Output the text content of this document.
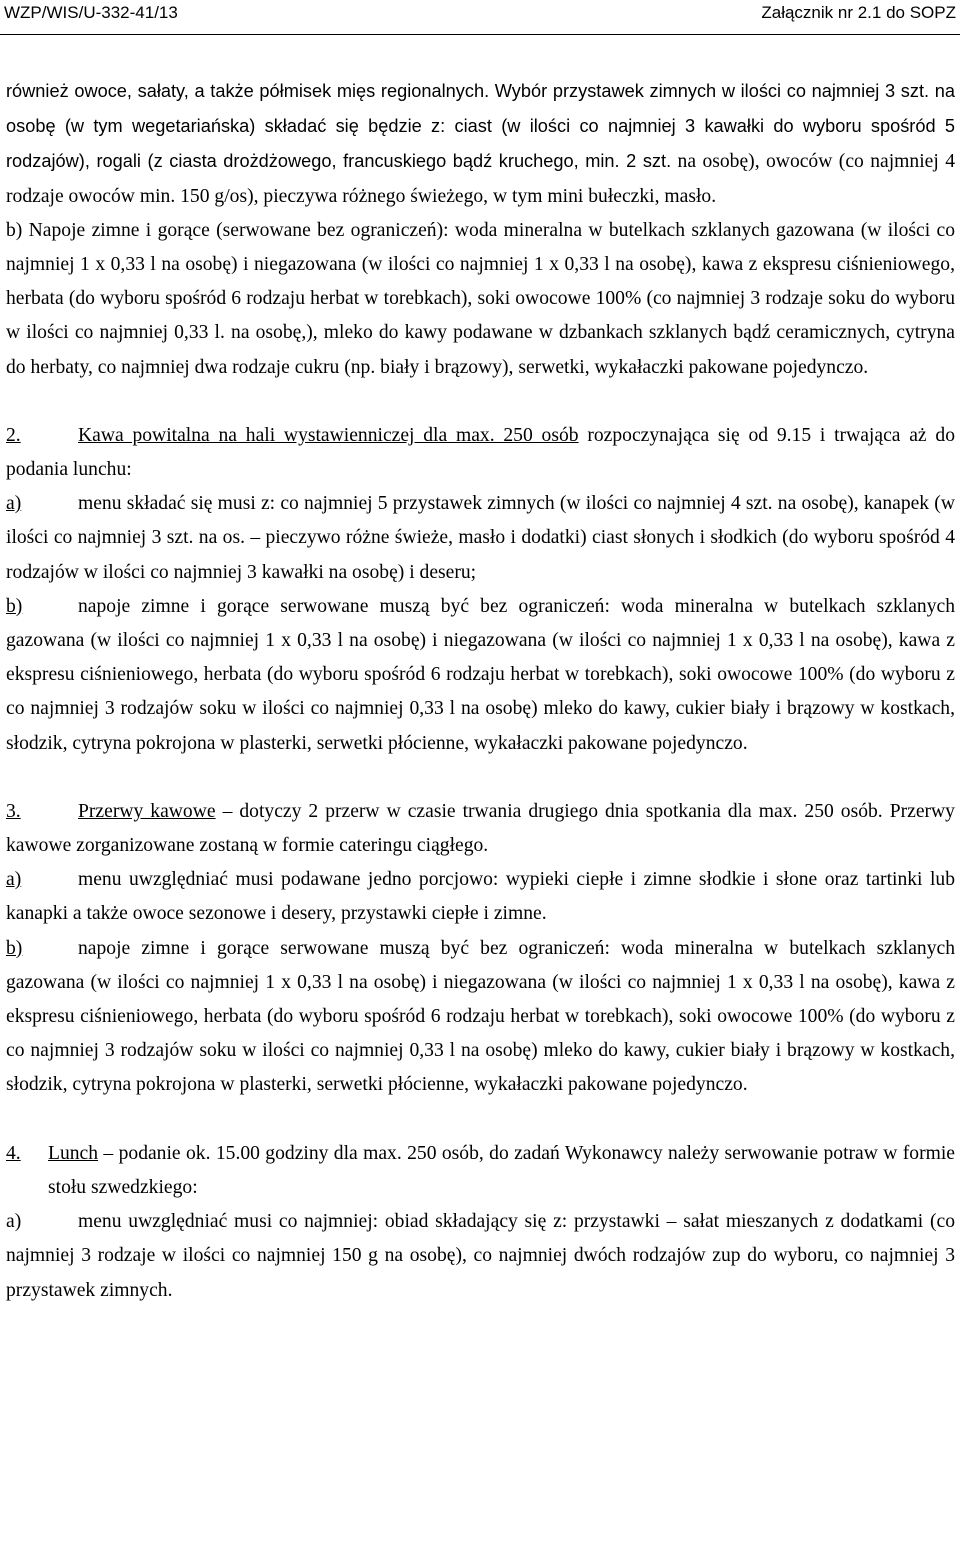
WZP/WIS/U-332-41/13	Załącznik nr 2.1 do SOPZ

również owoce, sałaty, a także półmisek mięs regionalnych. Wybór przystawek zimnych w ilości co najmniej 3 szt. na osobę (w tym wegetariańska) składać się będzie z: ciast (w ilości co najmniej 3 kawałki do wyboru spośród 5 rodzajów), rogali (z ciasta drożdżowego, francuskiego bądź kruchego, min. 2 szt. na osobę), owoców (co najmniej 4 rodzaje owoców min. 150 g/os), pieczywa różnego świeżego, w tym mini bułeczki, masło.

b) Napoje zimne i gorące (serwowane bez ograniczeń): woda mineralna w butelkach szklanych gazowana (w ilości co najmniej 1 x 0,33 l na osobę) i niegazowana (w ilości co najmniej 1 x 0,33 l na osobę), kawa z ekspresu ciśnieniowego, herbata (do wyboru spośród 6 rodzaju herbat w torebkach), soki owocowe 100% (co najmniej 3 rodzaje soku do wyboru w ilości co najmniej 0,33 l. na osobę,), mleko do kawy podawane w dzbankach szklanych bądź ceramicznych, cytryna do herbaty, co najmniej dwa rodzaje cukru (np. biały i brązowy), serwetki, wykałaczki pakowane pojedynczo.

2.	Kawa powitalna na hali wystawienniczej dla max. 250 osób rozpoczynająca się od 9.15 i trwająca aż do podania lunchu:

a)	menu składać się musi z: co najmniej 5 przystawek zimnych (w ilości co najmniej 4 szt. na osobę), kanapek (w ilości co najmniej 3 szt. na os. – pieczywo różne świeże, masło i dodatki) ciast słonych i słodkich (do wyboru spośród 4 rodzajów w ilości co najmniej 3 kawałki na osobę) i deseru;

b)	napoje zimne i gorące serwowane muszą być bez ograniczeń: woda mineralna w butelkach szklanych gazowana (w ilości co najmniej 1 x 0,33 l na osobę) i niegazowana (w ilości co najmniej 1 x 0,33 l na osobę), kawa z ekspresu ciśnieniowego, herbata (do wyboru spośród 6 rodzaju herbat w torebkach), soki owocowe 100% (do wyboru z co najmniej 3 rodzajów soku w ilości co najmniej 0,33 l na osobę) mleko do kawy, cukier biały i brązowy w kostkach, słodzik, cytryna pokrojona w plasterki, serwetki płócienne, wykałaczki pakowane pojedynczo.

3.	Przerwy kawowe – dotyczy 2 przerw w czasie trwania drugiego dnia spotkania dla max. 250 osób. Przerwy kawowe zorganizowane zostaną w formie cateringu ciągłego.

a)	menu uwzględniać musi podawane jedno porcjowo: wypieki ciepłe i zimne słodkie i słone oraz tartinki lub kanapki a także owoce sezonowe i desery, przystawki ciepłe i zimne.

b)	napoje zimne i gorące serwowane muszą być bez ograniczeń: woda mineralna w butelkach szklanych gazowana (w ilości co najmniej 1 x 0,33 l na osobę) i niegazowana (w ilości co najmniej 1 x 0,33 l na osobę), kawa z ekspresu ciśnieniowego, herbata (do wyboru spośród 6 rodzaju herbat w torebkach), soki owocowe 100% (do wyboru z co najmniej 3 rodzajów soku w ilości co najmniej 0,33 l na osobę) mleko do kawy, cukier biały i brązowy w kostkach, słodzik, cytryna pokrojona w plasterki, serwetki płócienne, wykałaczki pakowane pojedynczo.

4. Lunch – podanie ok. 15.00 godziny dla max. 250 osób, do zadań Wykonawcy należy serwowanie potraw w formie stołu szwedzkiego:

a)	menu uwzględniać musi co najmniej: obiad składający się z: przystawki – sałat mieszanych z dodatkami (co najmniej 3 rodzaje w ilości co najmniej 150 g na osobę), co najmniej dwóch rodzajów zup do wyboru, co najmniej 3 przystawek zimnych.
